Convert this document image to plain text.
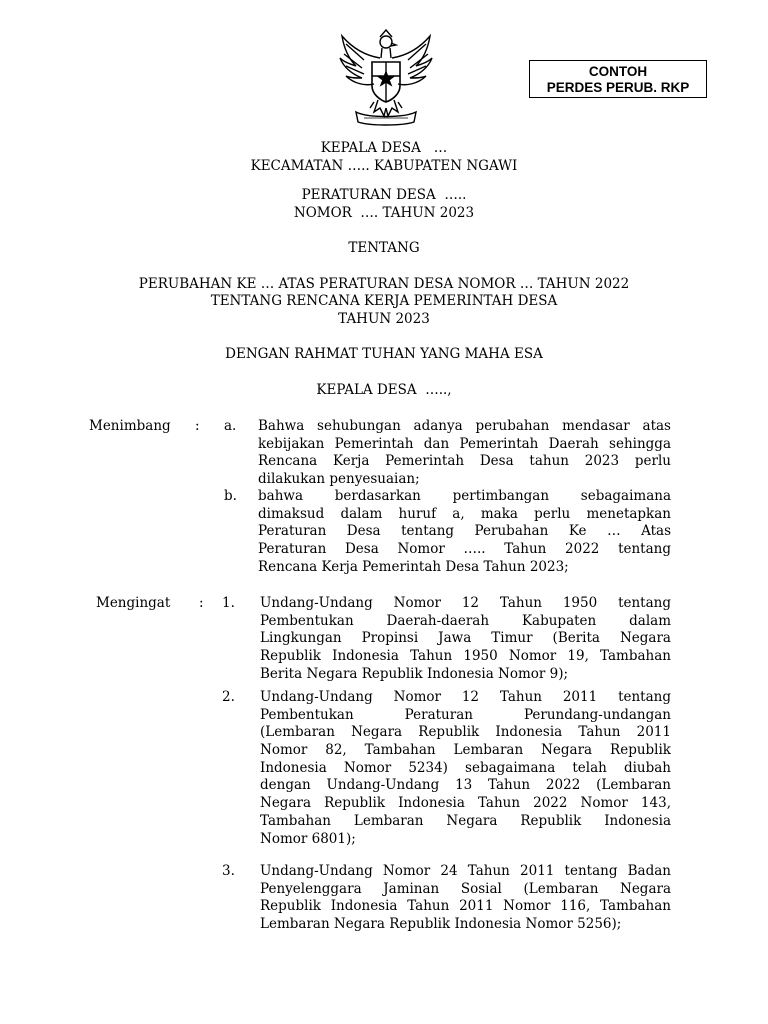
CONTOH
PERDES PERUB. RKP
KEPALA DESA   …
KECAMATAN ….. KABUPATEN NGAWI
PERATURAN DESA  …..
NOMOR  …. TAHUN 2023
TENTANG
PERUBAHAN KE … ATAS PERATURAN DESA NOMOR … TAHUN 2022
TENTANG RENCANA KERJA PEMERINTAH DESA
TAHUN 2023
DENGAN RAHMAT TUHAN YANG MAHA ESA
KEPALA DESA  …..,
Menimbang : a. Bahwa sehubungan adanya perubahan mendasar atas
kebijakan Pemerintah dan Pemerintah Daerah sehingga
Rencana Kerja Pemerintah Desa tahun 2023 perlu
dilakukan penyesuaian;
b. bahwa berdasarkan pertimbangan sebagaimana
dimaksud dalam huruf a, maka perlu menetapkan
Peraturan Desa tentang Perubahan Ke … Atas
Peraturan Desa Nomor ….. Tahun 2022 tentang
Rencana Kerja Pemerintah Desa Tahun 2023;
Mengingat : 1. Undang-Undang Nomor 12 Tahun 1950 tentang
Pembentukan Daerah-daerah Kabupaten dalam
Lingkungan Propinsi Jawa Timur (Berita Negara
Republik Indonesia Tahun 1950 Nomor 19, Tambahan
Berita Negara Republik Indonesia Nomor 9);
2. Undang-Undang Nomor 12 Tahun 2011 tentang
Pembentukan Peraturan Perundang-undangan
(Lembaran Negara Republik Indonesia Tahun 2011
Nomor 82, Tambahan Lembaran Negara Republik
Indonesia Nomor 5234) sebagaimana telah diubah
dengan Undang-Undang 13 Tahun 2022 (Lembaran
Negara Republik Indonesia Tahun 2022 Nomor 143,
Tambahan Lembaran Negara Republik Indonesia
Nomor 6801);
3. Undang-Undang Nomor 24 Tahun 2011 tentang Badan
Penyelenggara Jaminan Sosial (Lembaran Negara
Republik Indonesia Tahun 2011 Nomor 116, Tambahan
Lembaran Negara Republik Indonesia Nomor 5256);
